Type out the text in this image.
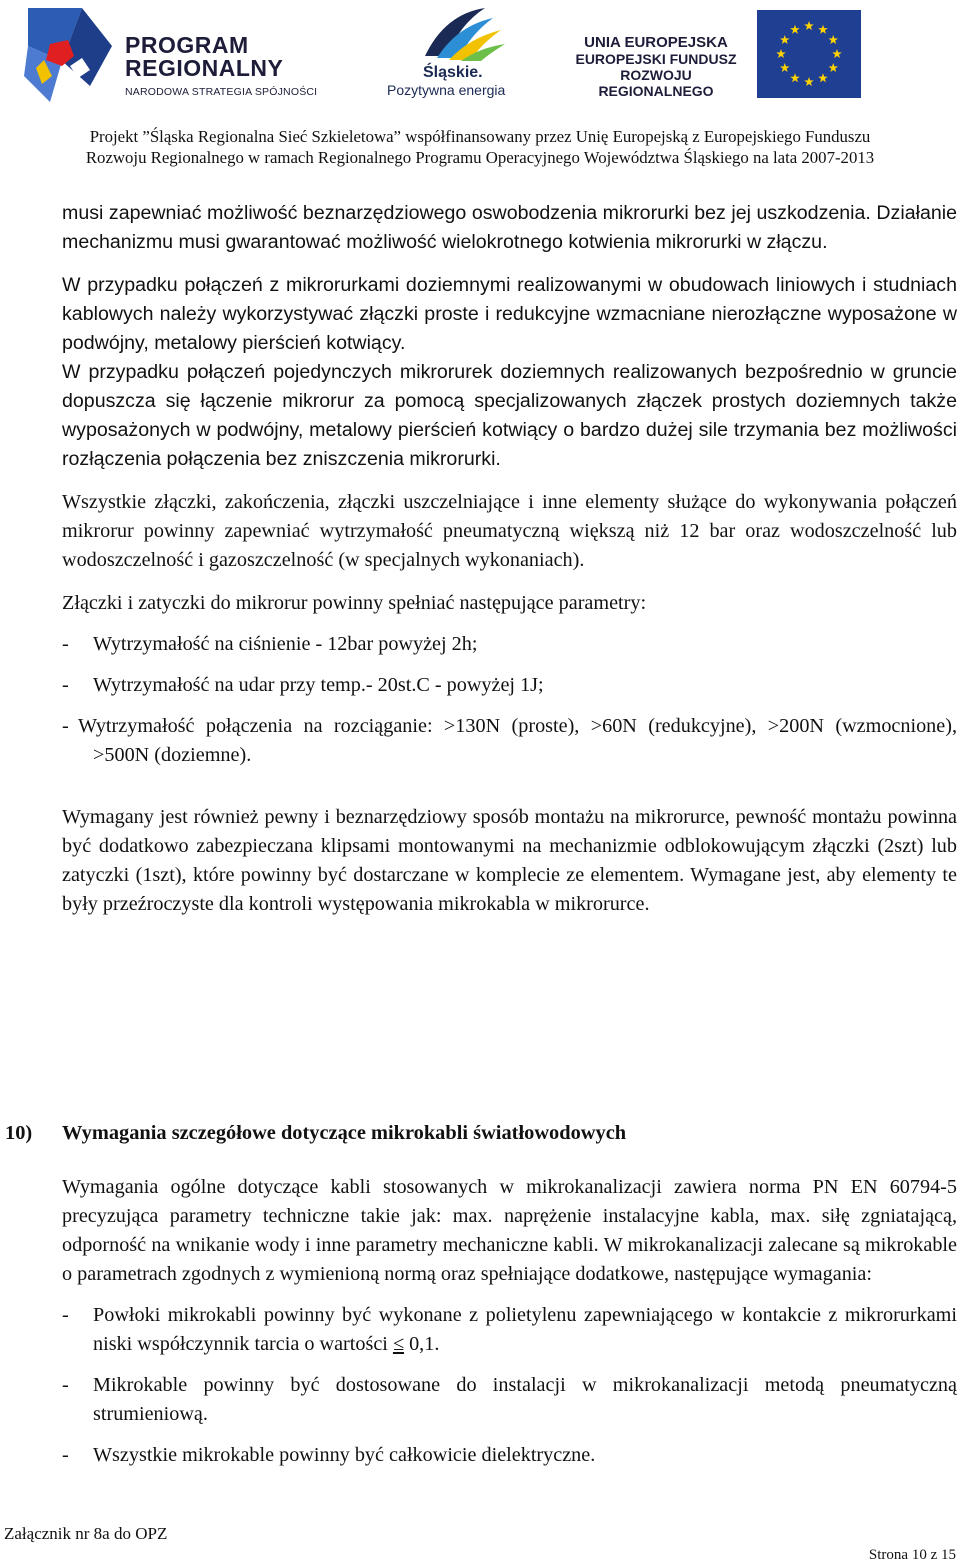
PROGRAM
REGIONALNY
NARODOWA STRATEGIA SPÓJNOŚCI
Śląskie.
Pozytywna energia
UNIA EUROPEJSKA
EUROPEJSKI FUNDUSZ
ROZWOJU REGIONALNEGO
Projekt ”Śląska Regionalna Sieć Szkieletowa” współfinansowany przez Unię Europejską z Europejskiego Funduszu
Rozwoju Regionalnego w ramach Regionalnego Programu Operacyjnego Województwa Śląskiego na lata 2007-2013

musi zapewniać możliwość beznarzędziowego oswobodzenia mikrorurki bez jej uszkodzenia. Działanie mechanizmu musi gwarantować możliwość wielokrotnego kotwienia mikrorurki w złączu.

W przypadku połączeń z mikrorurkami doziemnymi realizowanymi w obudowach liniowych i studniach kablowych należy wykorzystywać złączki proste i redukcyjne wzmacniane nierozłączne wyposażone w podwójny, metalowy pierścień kotwiący.

W przypadku połączeń pojedynczych mikrorurek doziemnych realizowanych bezpośrednio w gruncie dopuszcza się łączenie mikrorur za pomocą specjalizowanych złączek prostych doziemnych także wyposażonych w podwójny, metalowy pierścień kotwiący o bardzo dużej sile trzymania bez możliwości rozłączenia połączenia bez zniszczenia mikrorurki.

Wszystkie złączki, zakończenia, złączki uszczelniające i inne elementy służące do wykonywania połączeń mikrorur powinny zapewniać wytrzymałość pneumatyczną większą niż 12 bar oraz wodoszczelność lub wodoszczelność i gazoszczelność (w specjalnych wykonaniach).

Złączki i zatyczki do mikrorur powinny spełniać następujące parametry:

- Wytrzymałość na ciśnienie - 12bar powyżej 2h;

- Wytrzymałość na udar przy temp.- 20st.C - powyżej 1J;

- Wytrzymałość połączenia na rozciąganie: >130N (proste), >60N (redukcyjne), >200N (wzmocnione), >500N (doziemne).

Wymagany jest również pewny i beznarzędziowy sposób montażu na mikrorurce, pewność montażu powinna być dodatkowo zabezpieczana klipsami montowanymi na mechanizmie odblokowującym złączki (2szt) lub zatyczki (1szt), które powinny być dostarczane w komplecie ze elementem. Wymagane jest, aby elementy te były przeźroczyste dla kontroli występowania mikrokabla w mikrorurce.

10) Wymagania szczegółowe dotyczące mikrokabli światłowodowych

Wymagania ogólne dotyczące kabli stosowanych w mikrokanalizacji zawiera norma PN EN 60794-5 precyzująca parametry techniczne takie jak: max. naprężenie instalacyjne kabla, max. siłę zgniatającą, odporność na wnikanie wody i inne parametry mechaniczne kabli. W mikrokanalizacji zalecane są mikrokable o parametrach zgodnych z wymienioną normą oraz spełniające dodatkowe, następujące wymagania:

- Powłoki mikrokabli powinny być wykonane z polietylenu zapewniającego w kontakcie z mikrorurkami niski współczynnik tarcia o wartości ≤ 0,1.

- Mikrokable powinny być dostosowane do instalacji w mikrokanalizacji metodą pneumatyczną strumieniową.

- Wszystkie mikrokable powinny być całkowicie dielektryczne.

Załącznik nr 8a do OPZ
Strona 10 z 15
